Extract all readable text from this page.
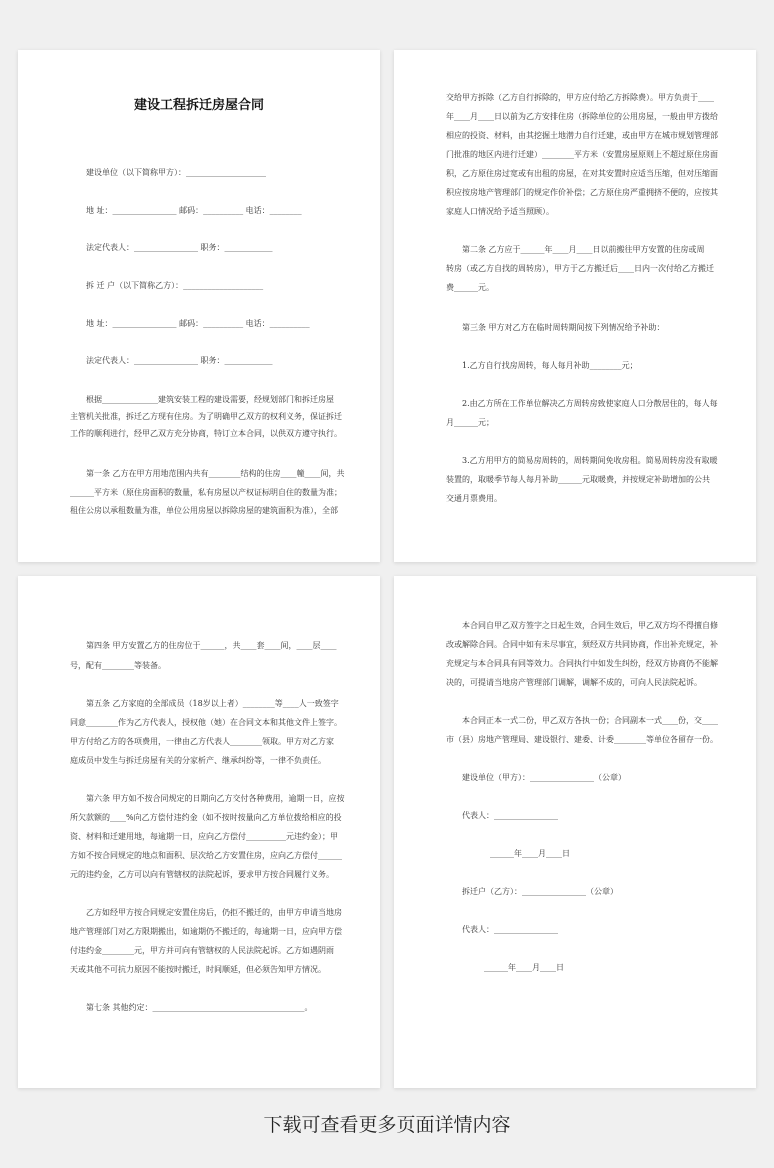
建设工程拆迁房屋合同
建设单位（以下简称甲方）：____________________
地 址：________________ 邮码：__________ 电话：________
法定代表人：________________ 职务：____________
拆 迁 户（以下简称乙方）：____________________
地 址：________________ 邮码：__________ 电话：__________
法定代表人：________________ 职务：____________
根据______________建筑安装工程的建设需要，经规划部门和拆迁房屋
主管机关批准，拆迁乙方现有住房。为了明确甲乙双方的权利义务，保证拆迁
工作的顺利进行，经甲乙双方充分协商，特订立本合同，以供双方遵守执行。
第一条 乙方在甲方用地范围内共有________结构的住房____幢____间，共
______平方米（原住房面积的数量，私有房屋以产权证标明自住的数量为准；
租住公房以承租数量为准，单位公用房屋以拆除房屋的建筑面积为准），全部
交给甲方拆除（乙方自行拆除的，甲方应付给乙方拆除费）。甲方负责于____
年____月____日以前为乙方安排住房（拆除单位的公用房屋，一般由甲方拨给
相应的投资、材料，由其挖掘土地潜力自行迁建，或由甲方在城市规划管理部
门批准的地区内进行迁建）________平方米（安置房屋原则上不超过原住房面
积，乙方原住房过宽或有出租的房屋，在对其安置时应适当压缩，但对压缩面
积应按房地产管理部门的规定作价补偿；乙方原住房严重拥挤不便的，应按其
家庭人口情况给予适当照顾）。
第二条 乙方应于______年____月____日以前搬往甲方安置的住房或周
转房（或乙方自找的周转房），甲方于乙方搬迁后____日内一次付给乙方搬迁
费______元。
第三条 甲方对乙方在临时周转期间按下列情况给予补助：
1.乙方自行找房周转，每人每月补助________元；
2.由乙方所在工作单位解决乙方周转房致使家庭人口分散居住的，每人每
月______元；
3.乙方用甲方的简易房周转的，周转期间免收房租。简易周转房没有取暖
装置的，取暖季节每人每月补助______元取暖费，并按规定补助增加的公共
交通月票费用。
第四条 甲方安置乙方的住房位于______，共____套____间，____层____
号，配有________等装备。
第五条 乙方家庭的全部成员（18岁以上者）________等____人一致签字
同意________作为乙方代表人，授权他（她）在合同文本和其他文件上签字。
甲方付给乙方的各项费用，一律由乙方代表人________领取。甲方对乙方家
庭成员中发生与拆迁房屋有关的分家析产、继承纠纷等，一律不负责任。
第六条 甲方如不按合同规定的日期向乙方交付各种费用，逾期一日，应按
所欠款额的____%向乙方偿付违约金（如不按时按量向乙方单位拨给相应的投
资、材料和迁建用地，每逾期一日，应向乙方偿付__________元违约金）；甲
方如不按合同规定的地点和面积、层次给乙方安置住房，应向乙方偿付______
元的违约金，乙方可以向有管辖权的法院起诉，要求甲方按合同履行义务。
乙方如经甲方按合同规定安置住房后，仍拒不搬迁的，由甲方申请当地房
地产管理部门对乙方限期搬出，如逾期仍不搬迁的，每逾期一日，应向甲方偿
付违约金________元，甲方并可向有管辖权的人民法院起诉。乙方如遇阴雨
天或其他不可抗力原因不能按时搬迁，时间顺延，但必须告知甲方情况。
第七条 其他约定：______________________________________。
本合同自甲乙双方签字之日起生效，合同生效后，甲乙双方均不得擅自修
改或解除合同。合同中如有未尽事宜，须经双方共同协商，作出补充规定，补
充规定与本合同具有同等效力。合同执行中如发生纠纷，经双方协商仍不能解
决的，可提请当地房产管理部门调解，调解不成的，可向人民法院起诉。
本合同正本一式二份，甲乙双方各执一份；合同副本一式____份，交____
市（县）房地产管理局、建设银行、建委、计委________等单位各留存一份。
建设单位（甲方）：________________（公章）
代表人：________________
______年____月____日
拆迁户（乙方）：________________（公章）
代表人：________________
______年____月____日
下载可查看更多页面详情内容
